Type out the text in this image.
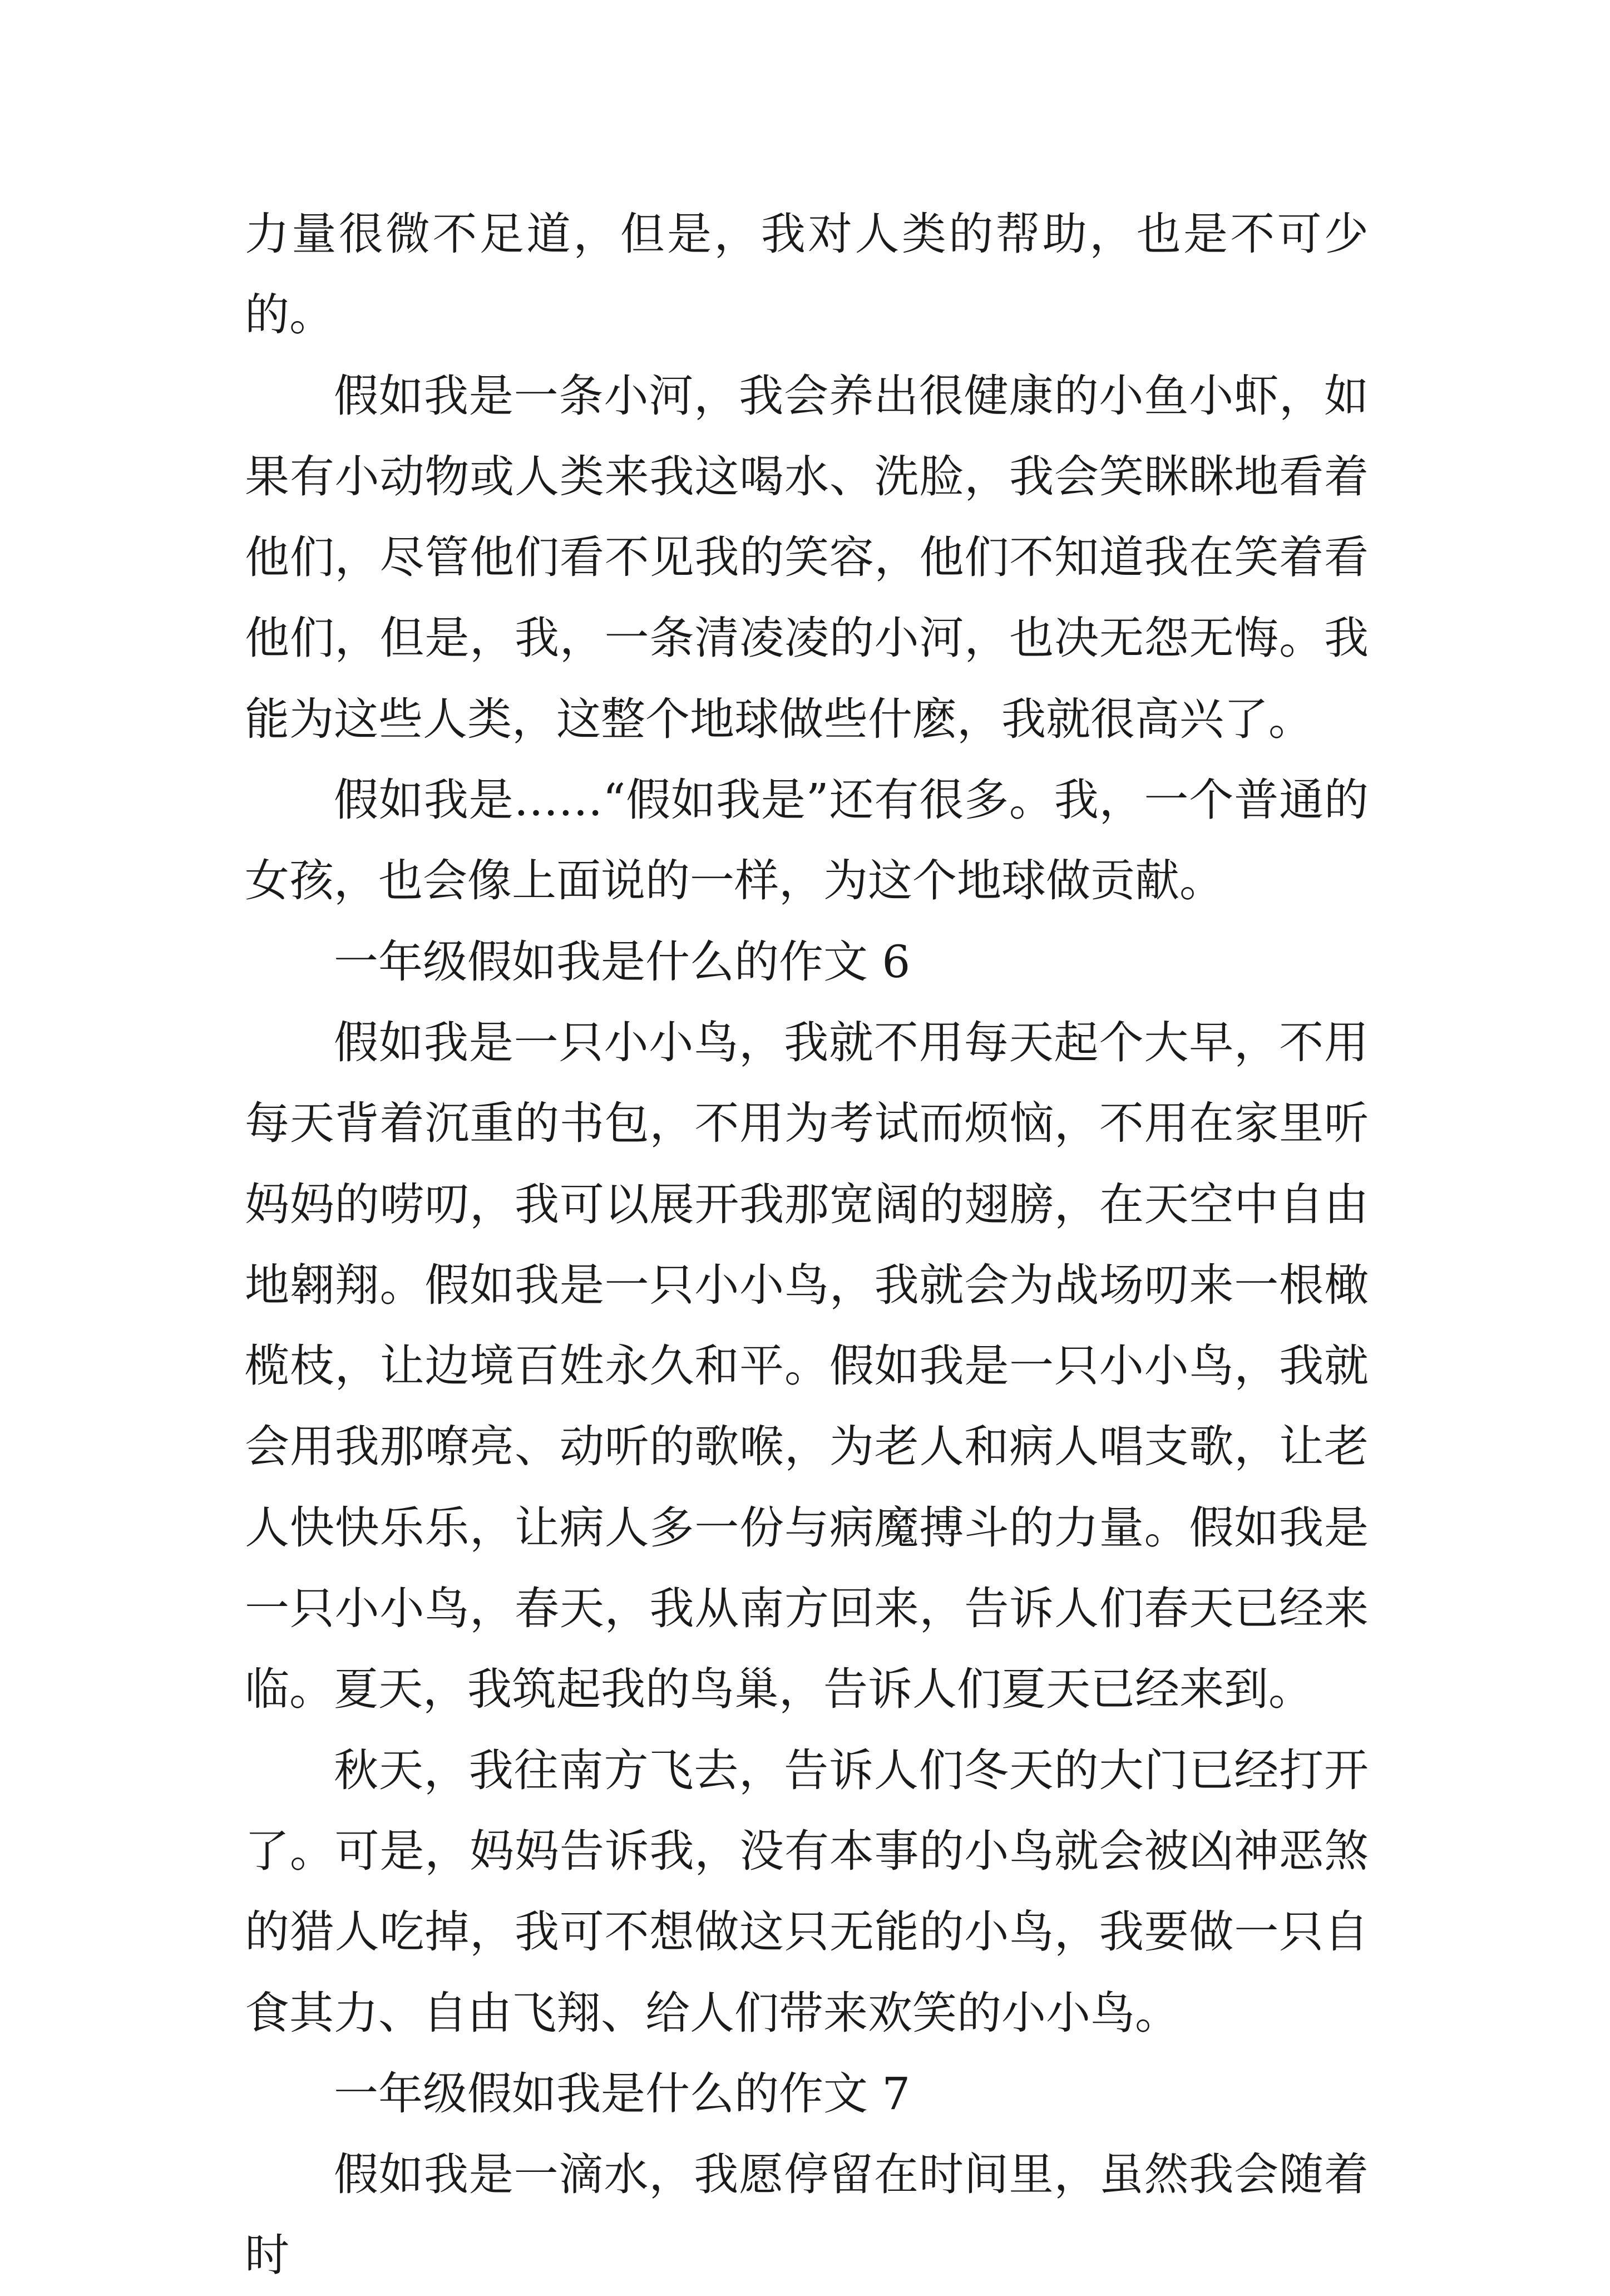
力量很微不足道，但是，我对人类的帮助，也是不可少的。

假如我是一条小河，我会养出很健康的小鱼小虾，如果有小动物或人类来我这喝水、洗脸，我会笑眯眯地看着他们，尽管他们看不见我的笑容，他们不知道我在笑着看他们，但是，我，一条清凌凌的小河，也决无怨无悔。我能为这些人类，这整个地球做些什麽，我就很高兴了。

假如我是……“假如我是”还有很多。我，一个普通的女孩，也会像上面说的一样，为这个地球做贡献。

一年级假如我是什么的作文 6

假如我是一只小小鸟，我就不用每天起个大早，不用每天背着沉重的书包，不用为考试而烦恼，不用在家里听妈妈的唠叨，我可以展开我那宽阔的翅膀，在天空中自由地翱翔。假如我是一只小小鸟，我就会为战场叨来一根橄榄枝，让边境百姓永久和平。假如我是一只小小鸟，我就会用我那嘹亮、动听的歌喉，为老人和病人唱支歌，让老人快快乐乐，让病人多一份与病魔搏斗的力量。假如我是一只小小鸟，春天，我从南方回来，告诉人们春天已经来临。夏天，我筑起我的鸟巢，告诉人们夏天已经来到。

秋天，我往南方飞去，告诉人们冬天的大门已经打开了。可是，妈妈告诉我，没有本事的小鸟就会被凶神恶煞的猎人吃掉，我可不想做这只无能的小鸟，我要做一只自食其力、自由飞翔、给人们带来欢笑的小小鸟。

一年级假如我是什么的作文 7

假如我是一滴水，我愿停留在时间里，虽然我会随着时
